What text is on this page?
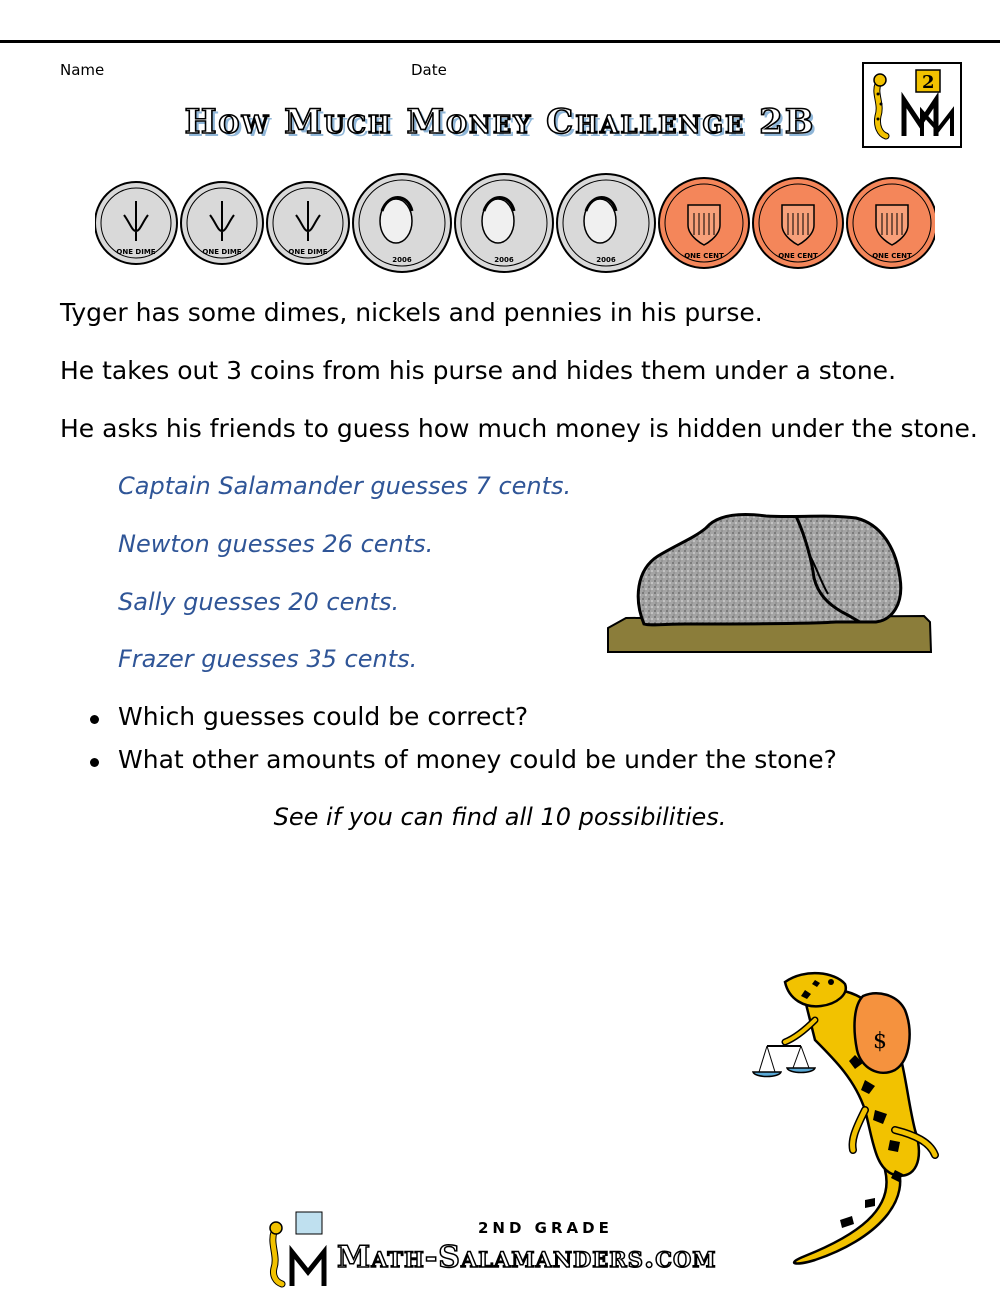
Name	Date
2
How Much Money Challenge 2B
ONE DIME	ONE DIME	ONE DIME
2006	2006	2006	ONE CENT	ONE CENT	ONE CENT
Tyger has some dimes, nickels and pennies in his purse.
He takes out 3 coins from his purse and hides them under a stone.
He asks his friends to guess how much money is hidden under the stone.
Captain Salamander guesses 7 cents.
Newton guesses 26 cents.
Sally guesses 20 cents.
Frazer guesses 35 cents.
Which guesses could be correct?
What other amounts of money could be under the stone?
See if you can find all 10 possibilities.
$
2ND GRADE
Math-Salamanders.com
